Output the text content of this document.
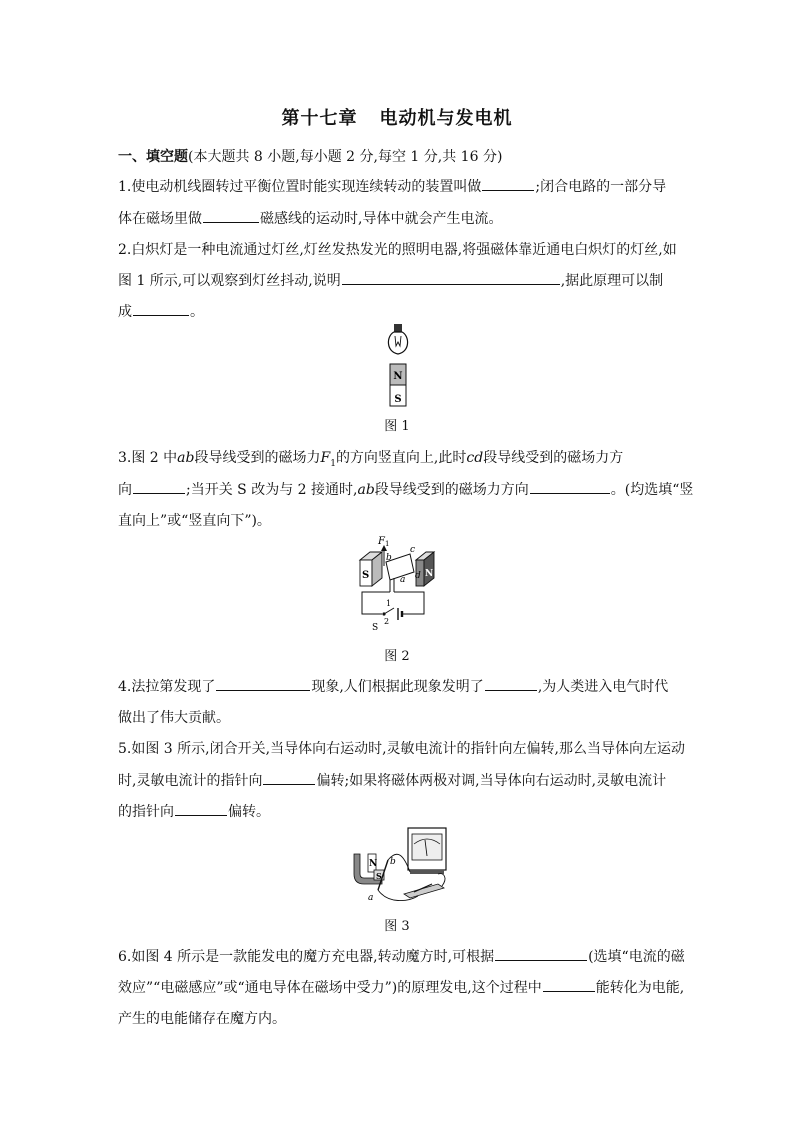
第十七章 电动机与发电机
一、填空题(本大题共 8 小题,每小题 2 分,每空 1 分,共 16 分)
1.使电动机线圈转过平衡位置时能实现连续转动的装置叫做	;闭合电路的一部分导
体在磁场里做	磁感线的运动时,导体中就会产生电流。
2.白炽灯是一种电流通过灯丝,灯丝发热发光的照明电器,将强磁体靠近通电白炽灯的灯丝,如
图 1 所示,可以观察到灯丝抖动,说明	,据此原理可以制
成	。
N
S
图 1
3.图 2 中ab段导线受到的磁场力$F_1$的方向竖直向上,此时cd段导线受到的磁场力方
向	;当开关 S 改为与 2 接通时,ab段导线受到的磁场力方向	。(均选填“竖
直向上”或“竖直向下”)。
F 1
S	N
b
c
a d
1
2
S
图 2
4.法拉第发现了	现象,人们根据此现象发明了	,为人类进入电气时代
做出了伟大贡献。
5.如图 3 所示,闭合开关,当导体向右运动时,灵敏电流计的指针向左偏转,那么当导体向左运动
时,灵敏电流计的指针向	偏转;如果将磁体两极对调,当导体向右运动时,灵敏电流计
的指针向	偏转。
N
S
b
a
图 3
6.如图 4 所示是一款能发电的魔方充电器,转动魔方时,可根据	(选填“电流的磁
效应”“电磁感应”或“通电导体在磁场中受力”)的原理发电,这个过程中	能转化为电能,
产生的电能储存在魔方内。
